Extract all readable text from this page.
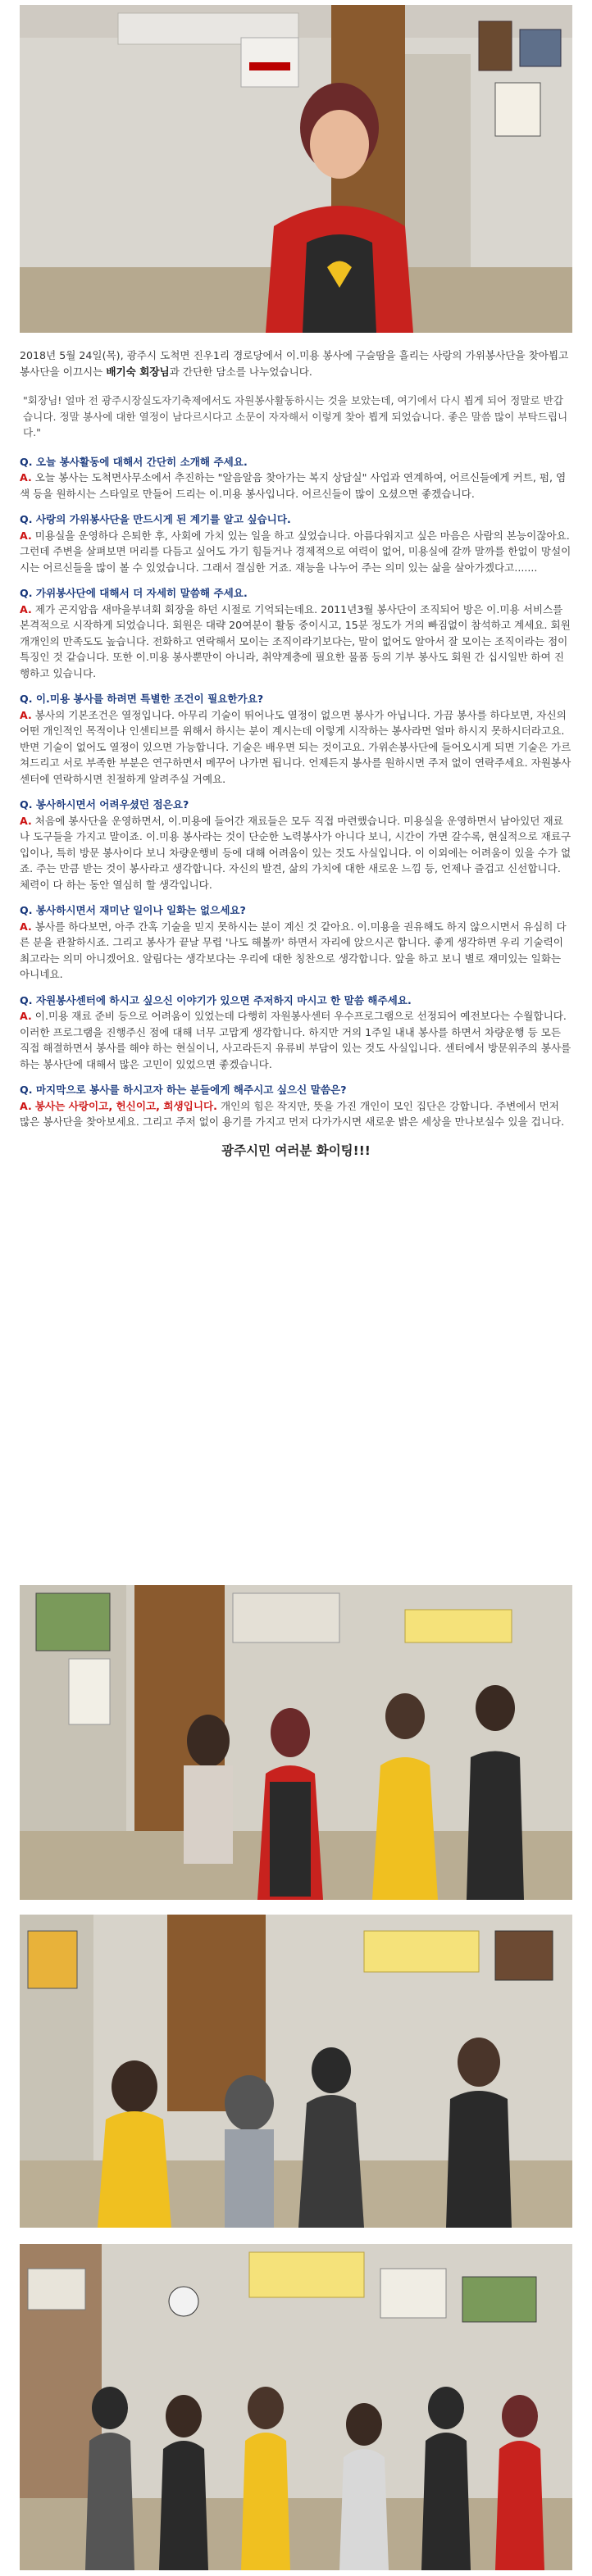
2018년 5월 24일(목), 광주시 도척면 진우1리 경로당에서 이.미용 봉사에 구슬땀을 흘리는 사랑의 가위봉사단을 찾아뵙고 봉사단을 이끄시는 배기숙 회장님과 간단한 담소를 나누었습니다.

"회장님! 얼마 전 광주시장실도자기축제에서도 자원봉사활동하시는 것을 보았는데, 여기에서 다시 뵙게 되어 정말로 반갑습니다. 정말 봉사에 대한 열정이 남다르시다고 소문이 자자해서 이렇게 찾아 뵙게 되었습니다. 좋은 말씀 많이 부탁드립니다."

Q. 오늘 봉사활동에 대해서 간단히 소개해 주세요.

A. 오늘 봉사는 도척면사무소에서 추진하는 "알음알음 찾아가는 복지 상담실" 사업과 연계하여, 어르신들에게 커트, 펌, 염색 등을 원하시는 스타일로 만들어 드리는 이.미용 봉사입니다. 어르신들이 많이 오셨으면 좋겠습니다.

Q. 사랑의 가위봉사단을 만드시게 된 계기를 알고 싶습니다.

A. 미용실을 운영하다 은퇴한 후, 사회에 가치 있는 일을 하고 싶었습니다. 아름다워지고 싶은 마음은 사람의 본능이잖아요. 그런데 주변을 살펴보면 머리를 다듬고 싶어도 가기 힘들거나 경제적으로 여력이 없어, 미용실에 갈까 말까를 한없이 망설이시는 어르신들을 많이 볼 수 있었습니다. 그래서 결심한 거죠. 재능을 나누어 주는 의미 있는 삶을 살아가겠다고.......

Q. 가위봉사단에 대해서 더 자세히 말씀해 주세요.

A. 제가 곤지암읍 새마을부녀회 회장을 하던 시절로 기억되는데요. 2011년3월 봉사단이 조직되어 방은 이.미용 서비스를 본격적으로 시작하게 되었습니다. 회원은 대략 20여분이 활동 중이시고, 15분 정도가 거의 빠짐없이 참석하고 계세요. 회원 개개인의 만족도도 높습니다. 전화하고 연락해서 모이는 조직이라기보다는, 말이 없어도 알아서 잘 모이는 조직이라는 점이 특징인 것 같습니다. 또한 이.미용 봉사뿐만이 아니라, 취약계층에 필요한 물품 등의 기부 봉사도 회원 간 십시일반 하여 진행하고 있습니다.

Q. 이.미용 봉사를 하려면 특별한 조건이 필요한가요?

A. 봉사의 기본조건은 열정입니다. 아무리 기술이 뛰어나도 열정이 없으면 봉사가 아닙니다. 가끔 봉사를 하다보면, 자신의 어떤 개인적인 목적이나 인센티브를 위해서 하시는 분이 계시는데 이렇게 시작하는 봉사라면 얼마 하시지 못하시더라고요. 반면 기술이 없어도 열정이 있으면 가능합니다. 기술은 배우면 되는 것이고요. 가위손봉사단에 들어오시게 되면 기술은 가르쳐드리고 서로 부족한 부분은 연구하면서 메꾸어 나가면 됩니다. 언제든지 봉사를 원하시면 주저 없이 연락주세요. 자원봉사센터에 연락하시면 친절하게 알려주실 거예요.

Q. 봉사하시면서 어려우셨던 점은요?

A. 처음에 봉사단을 운영하면서, 이.미용에 들어간 재료들은 모두 직접 마련했습니다. 미용실을 운영하면서 남아있던 재료나 도구들을 가지고 말이죠. 이.미용 봉사라는 것이 단순한 노력봉사가 아니다 보니, 시간이 가면 갈수록, 현실적으로 재료구입이나, 특히 방문 봉사이다 보니 차량운행비 등에 대해 어려움이 있는 것도 사실입니다. 이 이외에는 어려움이 있을 수가 없죠. 주는 만큼 받는 것이 봉사라고 생각합니다. 자신의 발견, 삶의 가치에 대한 새로운 느낌 등, 언제나 즐겁고 신선합니다. 체력이 다 하는 동안 열심히 할 생각입니다.

Q. 봉사하시면서 재미난 일이나 일화는 없으세요?

A. 봉사를 하다보면, 아주 간혹 기술을 믿지 못하시는 분이 계신 것 같아요. 이.미용을 권유해도 하지 않으시면서 유심히 다른 분을 관찰하시죠. 그리고 봉사가 끝날 무렵 '나도 해볼까' 하면서 자리에 앉으시곤 합니다. 좋게 생각하면 우리 기술력이 최고라는 의미 아니겠어요. 알림다는 생각보다는 우리에 대한 칭찬으로 생각합니다. 앞을 하고 보니 별로 재미있는 일화는 아니네요.

Q. 자원봉사센터에 하시고 싶으신 이야기가 있으면 주저하지 마시고 한 말씀 해주세요.

A. 이.미용 재료 준비 등으로 어려움이 있었는데 다행히 자원봉사센터 우수프로그램으로 선정되어 예전보다는 수월합니다. 이러한 프로그램을 진행주신 점에 대해 너무 고맙게 생각합니다. 하지만 거의 1주일 내내 봉사를 하면서 차량운행 등 모든 직접 해결하면서 봉사를 해야 하는 현실이니, 사고라든지 유류비 부담이 있는 것도 사실입니다. 센터에서 방문위주의 봉사를 하는 봉사단에 대해서 많은 고민이 있었으면 좋겠습니다.

Q. 마지막으로 봉사를 하시고자 하는 분들에게 해주시고 싶으신 말씀은?

A. 봉사는 사랑이고, 헌신이고, 희생입니다. 개인의 힘은 작지만, 뜻을 가진 개인이 모인 집단은 강합니다. 주변에서 먼저 많은 봉사단을 찾아보세요. 그리고 주저 없이 용기를 가지고 먼저 다가가시면 새로운 밝은 세상을 만나보실수 있을 겁니다.

광주시민 여러분 화이팅!!!
